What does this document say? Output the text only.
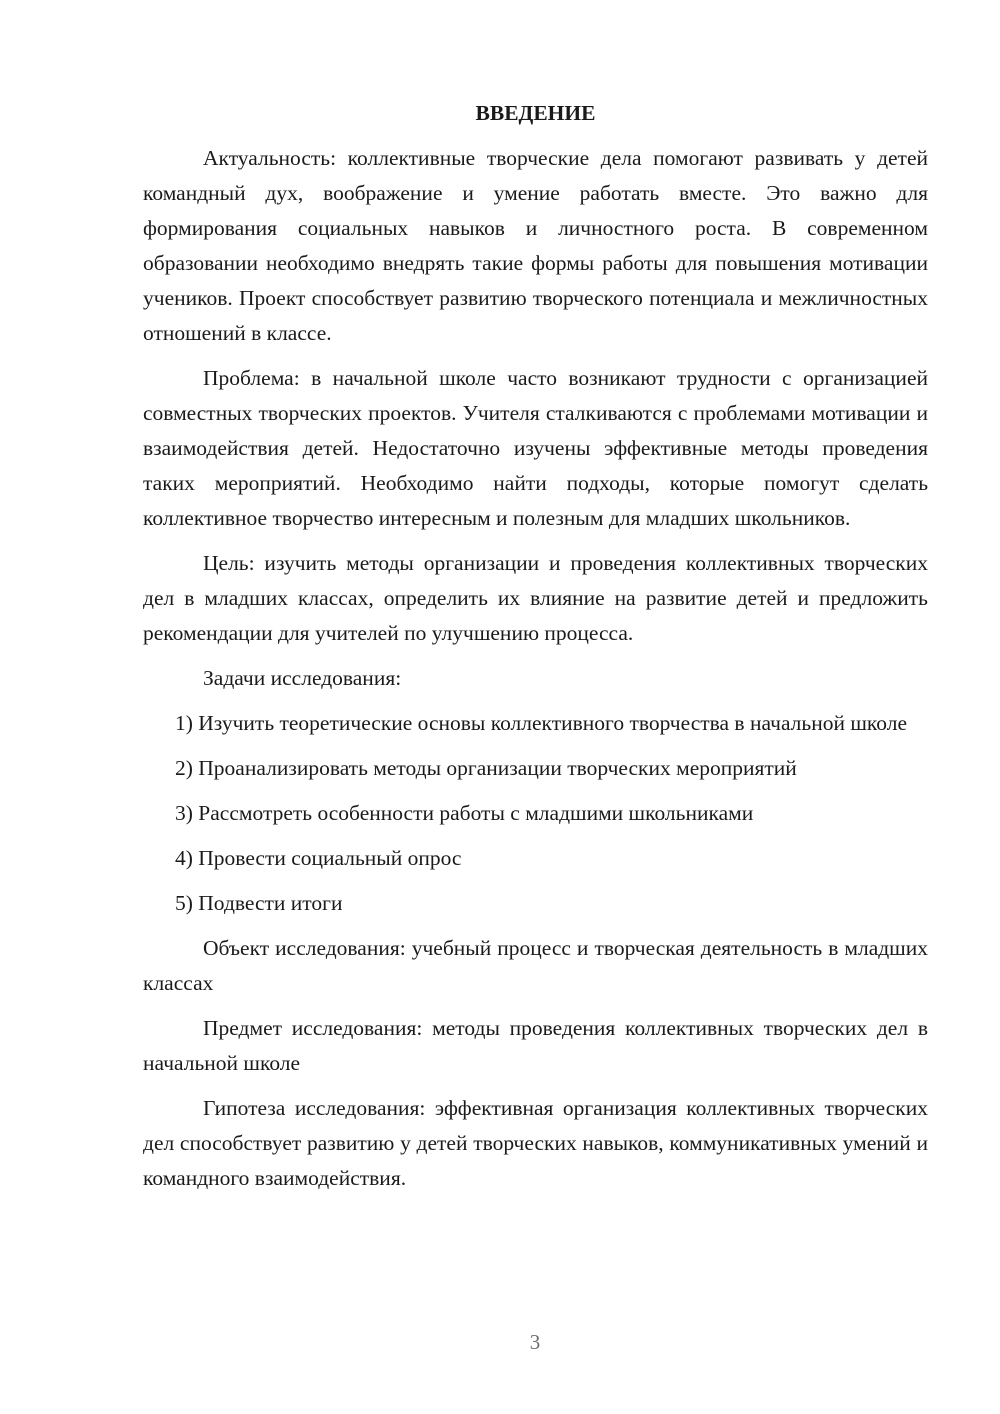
ВВЕДЕНИЕ

Актуальность: коллективные творческие дела помогают развивать у детей командный дух, воображение и умение работать вместе. Это важно для формирования социальных навыков и личностного роста. В современном образовании необходимо внедрять такие формы работы для повышения мотивации учеников. Проект способствует развитию творческого потенциала и межличностных отношений в классе.

Проблема: в начальной школе часто возникают трудности с организацией совместных творческих проектов. Учителя сталкиваются с проблемами мотивации и взаимодействия детей. Недостаточно изучены эффективные методы проведения таких мероприятий. Необходимо найти подходы, которые помогут сделать коллективное творчество интересным и полезным для младших школьников.

Цель: изучить методы организации и проведения коллективных творческих дел в младших классах, определить их влияние на развитие детей и предложить рекомендации для учителей по улучшению процесса.

Задачи исследования:

1) Изучить теоретические основы коллективного творчества в начальной школе

2) Проанализировать методы организации творческих мероприятий

3) Рассмотреть особенности работы с младшими школьниками

4) Провести социальный опрос

5) Подвести итоги

Объект исследования: учебный процесс и творческая деятельность в младших классах

Предмет исследования: методы проведения коллективных творческих дел в начальной школе

Гипотеза исследования: эффективная организация коллективных творческих дел способствует развитию у детей творческих навыков, коммуникативных умений и командного взаимодействия.

3
